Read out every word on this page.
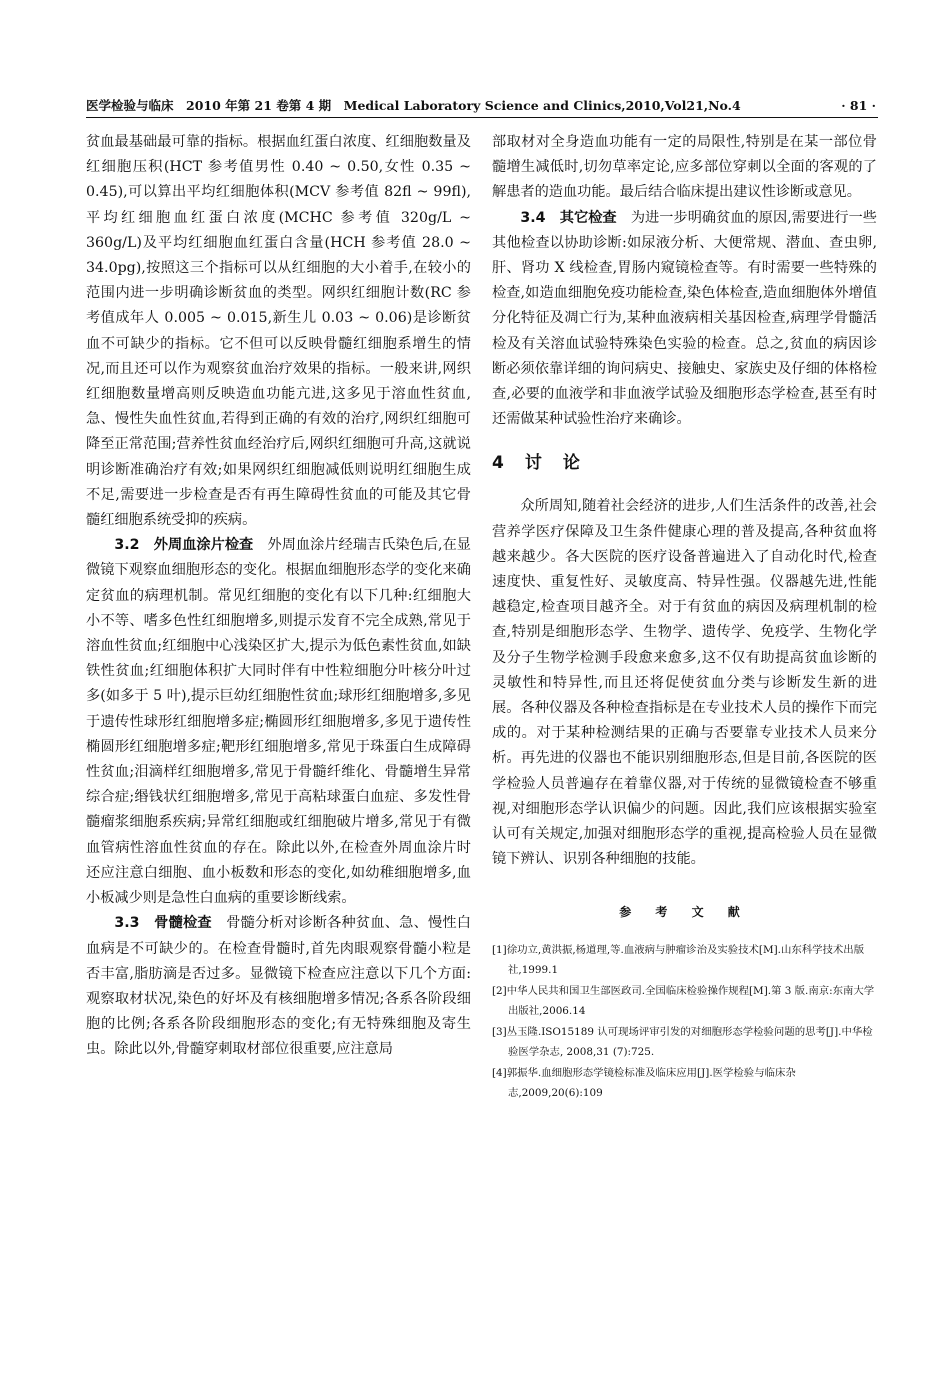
医学检验与临床　2010 年第 21 卷第 4 期　Medical Laboratory Science and Clinics,2010,Vol21,No.4	· 81 ·

贫血最基础最可靠的指标。根据血红蛋白浓度、红细胞数量及红细胞压积(HCT 参考值男性 0.40 ~ 0.50,女性 0.35 ~ 0.45),可以算出平均红细胞体积(MCV 参考值 82fl ~ 99fl),平均红细胞血红蛋白浓度(MCHC 参考值 320g/L ~ 360g/L)及平均红细胞血红蛋白含量(HCH 参考值 28.0 ~ 34.0pg),按照这三个指标可以从红细胞的大小着手,在较小的范围内进一步明确诊断贫血的类型。网织红细胞计数(RC 参考值成年人 0.005 ~ 0.015,新生儿 0.03 ~ 0.06)是诊断贫血不可缺少的指标。它不但可以反映骨髓红细胞系增生的情况,而且还可以作为观察贫血治疗效果的指标。一般来讲,网织红细胞数量增高则反映造血功能亢进,这多见于溶血性贫血,急、慢性失血性贫血,若得到正确的有效的治疗,网织红细胞可降至正常范围;营养性贫血经治疗后,网织红细胞可升高,这就说明诊断准确治疗有效;如果网织红细胞减低则说明红细胞生成不足,需要进一步检查是否有再生障碍性贫血的可能及其它骨髓红细胞系统受抑的疾病。

3.2　外周血涂片检查　 外周血涂片经瑞吉氏染色后,在显微镜下观察血细胞形态的变化。根据血细胞形态学的变化来确定贫血的病理机制。常见红细胞的变化有以下几种:红细胞大小不等、嗜多色性红细胞增多,则提示发育不完全成熟,常见于溶血性贫血;红细胞中心浅染区扩大,提示为低色素性贫血,如缺铁性贫血;红细胞体积扩大同时伴有中性粒细胞分叶核分叶过多(如多于 5 叶),提示巨幼红细胞性贫血;球形红细胞增多,多见于遗传性球形红细胞增多症;椭圆形红细胞增多,多见于遗传性椭圆形红细胞增多症;靶形红细胞增多,常见于珠蛋白生成障碍性贫血;泪滴样红细胞增多,常见于骨髓纤维化、骨髓增生异常综合症;缗钱状红细胞增多,常见于高粘球蛋白血症、多发性骨髓瘤浆细胞系疾病;异常红细胞或红细胞破片增多,常见于有微血管病性溶血性贫血的存在。除此以外,在检查外周血涂片时还应注意白细胞、血小板数和形态的变化,如幼稚细胞增多,血小板减少则是急性白血病的重要诊断线索。

3.3　骨髓检查　 骨髓分析对诊断各种贫血、急、慢性白血病是不可缺少的。在检查骨髓时,首先肉眼观察骨髓小粒是否丰富,脂肪滴是否过多。显微镜下检查应注意以下几个方面:观察取材状况,染色的好坏及有核细胞增多情况;各系各阶段细胞的比例;各系各阶段细胞形态的变化;有无特殊细胞及寄生虫。除此以外,骨髓穿刺取材部位很重要,应注意局

部取材对全身造血功能有一定的局限性,特别是在某一部位骨髓增生减低时,切勿草率定论,应多部位穿刺以全面的客观的了解患者的造血功能。最后结合临床提出建议性诊断或意见。

3.4　其它检查　 为进一步明确贫血的原因,需要进行一些其他检查以协助诊断:如尿液分析、大便常规、潜血、查虫卵,肝、肾功 X 线检查,胃肠内窥镜检查等。有时需要一些特殊的检查,如造血细胞免疫功能检查,染色体检查,造血细胞体外增值分化特征及凋亡行为,某种血液病相关基因检查,病理学骨髓活检及有关溶血试验特殊染色实验的检查。总之,贫血的病因诊断必须依靠详细的询问病史、接触史、家族史及仔细的体格检查,必要的血液学和非血液学试验及细胞形态学检查,甚至有时还需做某种试验性治疗来确诊。

4　讨　论

众所周知,随着社会经济的进步,人们生活条件的改善,社会营养学医疗保障及卫生条件健康心理的普及提高,各种贫血将越来越少。各大医院的医疗设备普遍进入了自动化时代,检查速度快、重复性好、灵敏度高、特异性强。仪器越先进,性能越稳定,检查项目越齐全。对于有贫血的病因及病理机制的检查,特别是细胞形态学、生物学、遗传学、免疫学、生物化学及分子生物学检测手段愈来愈多,这不仅有助提高贫血诊断的灵敏性和特异性,而且还将促使贫血分类与诊断发生新的进展。各种仪器及各种检查指标是在专业技术人员的操作下而完成的。对于某种检测结果的正确与否要靠专业技术人员来分析。再先进的仪器也不能识别细胞形态,但是目前,各医院的医学检验人员普遍存在着靠仪器,对于传统的显微镜检查不够重视,对细胞形态学认识偏少的问题。因此,我们应该根据实验室认可有关规定,加强对细胞形态学的重视,提高检验人员在显微镜下辨认、识别各种细胞的技能。

参 考 文 献

[1]徐功立,黄洪振,杨道理,等.血液病与肿瘤诊治及实验技术[M].山东科学技术出版社,1999.1

[2]中华人民共和国卫生部医政司.全国临床检验操作规程[M].第 3 版.南京:东南大学出版社,2006.14

[3]丛玉隆.ISO15189 认可现场评审引发的对细胞形态学检验问题的思考[J].中华检验医学杂志, 2008,31 (7):725.

[4]郭振华.血细胞形态学镜检标准及临床应用[J].医学检验与临床杂志,2009,20(6):109
